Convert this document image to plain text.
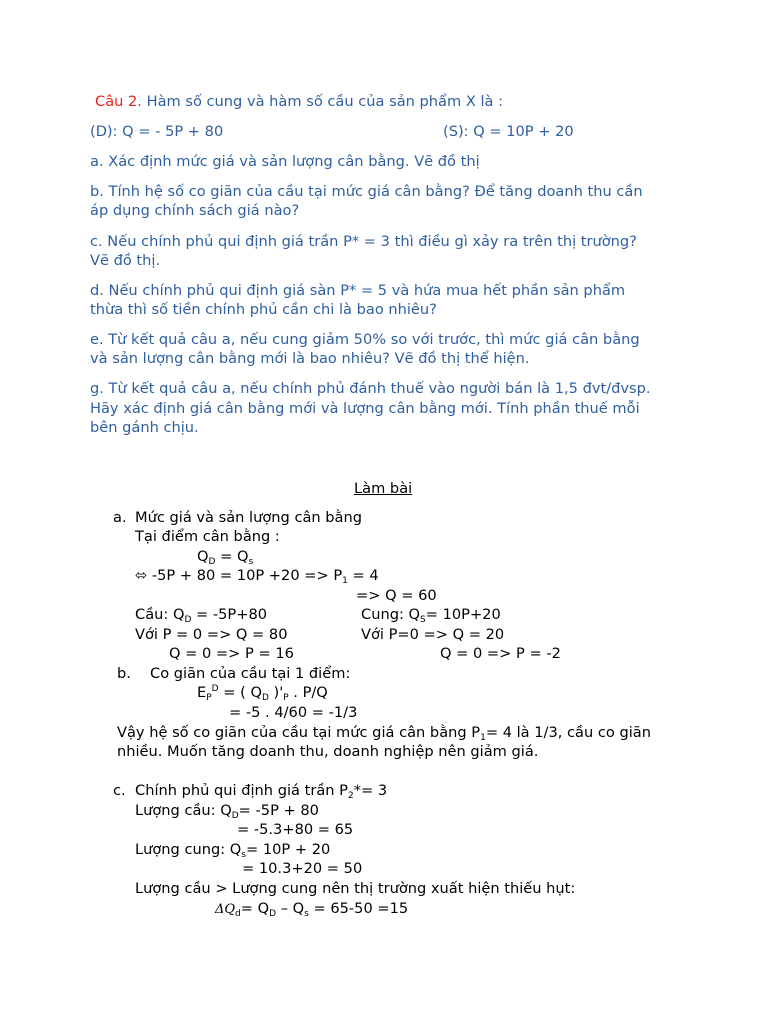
Câu 2. Hàm số cung và hàm số cầu của sản phẩm X là :
(D): Q = - 5P + 80	(S): Q = 10P + 20
a. Xác định mức giá và sản lượng cân bằng. Vẽ đồ thị
b. Tính hệ số co giãn của cầu tại mức giá cân bằng? Để tăng doanh thu cần
áp dụng chính sách giá nào?
c. Nếu chính phủ qui định giá trần P* = 3 thì điều gì xảy ra trên thị trường?
Vẽ đồ thị.
d. Nếu chính phủ qui định giá sàn P* = 5 và hứa mua hết phần sản phẩm
thừa thì số tiền chính phủ cần chi là bao nhiêu?
e. Từ kết quả câu a, nếu cung giảm 50% so với trước, thì mức giá cân bằng
và sản lượng cân bằng mới là bao nhiêu? Vẽ đồ thị thể hiện.
g. Từ kết quả câu a, nếu chính phủ đánh thuế vào người bán là 1,5 đvt/đvsp.
Hãy xác định giá cân bằng mới và lượng cân bằng mới. Tính phần thuế mỗi
bên gánh chịu.
Làm bài
a. Mức giá và sản lượng cân bằng
Tại điểm cân bằng :
$Q_D = Q_s$
⬄ $-5P + 80 = 10P +20 => P_1 = 4$
=> Q = 60
Cầu: $Q_D = -5P+80$	Cung: $Q_S= 10P+20$
Với P = 0 => Q = 80	Với P=0 => Q = 20
Q = 0 => P = 16	Q = 0 => P = -2
b. Co giãn của cầu tại 1 điểm:
$E_P^D$ = ( $Q_D$ )'$_P$ . P/Q
= -5 . 4/60 = -1/3
Vậy hệ số co giãn của cầu tại mức giá cân bằng $P_1= 4$ là 1/3, cầu co giãn
nhiều. Muốn tăng doanh thu, doanh nghiệp nên giảm giá.
c. Chính phủ qui định giá trần $P_2*= 3$
Lượng cầu: $Q_D= -5P + 80$
= -5.3+80 = 65
Lượng cung: $Q_s= 10P + 20$
= 10.3+20 = 50
Lượng cầu > Lượng cung nên thị trường xuất hiện thiếu hụt:
$\Delta Q_d= Q_D - Q_s = 65-50 =15$
